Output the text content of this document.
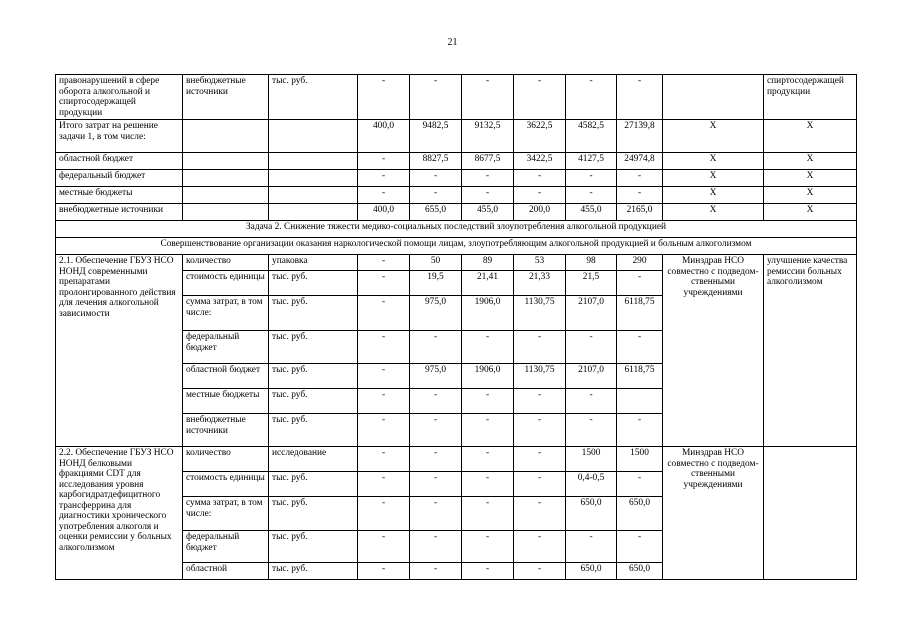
21
правонарушений в сфере оборота алкогольной и спиртосодержащей продукции	внебюджетные источники	тыс. руб.	-	-	-	-	-	-		спиртосодержащей продукции
Итого затрат на решение задачи 1, в том числе:			400,0	9482,5	9132,5	3622,5	4582,5	27139,8	X	X
областной бюджет			-	8827,5	8677,5	3422,5	4127,5	24974,8	X	X
федеральный бюджет			-	-	-	-	-	-	X	X
местные бюджеты			-	-	-	-	-	-	X	X
внебюджетные источники			400,0	655,0	455,0	200,0	455,0	2165,0	X	X
Задача 2. Снижение тяжести медико-социальных последствий злоупотребления алкогольной продукцией										
Совершенствование организации оказания наркологической помощи лицам, злоупотребляющим алкогольной продукцией и больным алкоголизмом										
2.1. Обеспечение ГБУЗ НСО НОНД современными препаратами пролонгированного действия для лечения алкогольной зависимости	количество	упаковка	-	50	89	53	98	290	Минздрав НСО совместно с подведом-ственными учреждениями	улучшение качества ремиссии больных алкоголизмом
	стоимость единицы	тыс. руб.	-	19,5	21,41	21,33	21,5	-		
	сумма затрат, в том числе:	тыс. руб.	-	975,0	1906,0	1130,75	2107,0	6118,75		
	федеральный бюджет	тыс. руб.	-	-	-	-	-	-		
	областной бюджет	тыс. руб.	-	975,0	1906,0	1130,75	2107,0	6118,75		
	местные бюджеты	тыс. руб.	-	-	-	-	-			
	внебюджетные источники	тыс. руб.	-	-	-	-	-	-		
2.2. Обеспечение ГБУЗ НСО НОНД белковыми фракциями CDT для исследования уровня карбогидратдефицитного трансферрина для диагностики хронического употребления алкоголя и оценки ремиссии у больных алкоголизмом	количество	исследование	-	-	-	-	1500	1500	Минздрав НСО совместно с подведом-ственными учреждениями	
	стоимость единицы	тыс. руб.	-	-	-	-	0,4-0,5	-		
	сумма затрат, в том числе:	тыс. руб.	-	-	-	-	650,0	650,0		
	федеральный бюджет	тыс. руб.	-	-	-	-	-	-		
	областной	тыс. руб.	-	-	-	-	650,0	650,0		
